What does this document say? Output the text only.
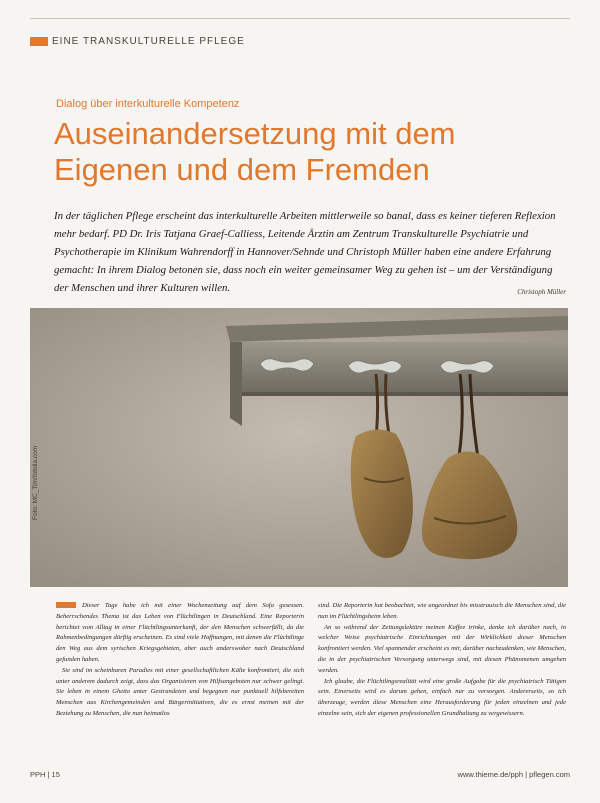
EINE TRANSKULTURELLE PFLEGE
Dialog über interkulturelle Kompetenz
Auseinandersetzung mit dem Eigenen und dem Fremden

In der täglichen Pflege erscheint das interkulturelle Arbeiten mittlerweile so banal, dass es keiner tieferen Reflexion mehr bedarf. PD Dr. Iris Tatjana Graef-Calliess, Leitende Ärztin am Zentrum Transkulturelle Psychiatrie und Psychotherapie im Klinikum Wahrendorff in Hannover/Sehnde und Christoph Müller haben eine andere Erfahrung gemacht: In ihrem Dialog betonen sie, dass noch ein weiter gemeinsamer Weg zu gehen ist – um der Verständigung der Menschen und ihrer Kulturen willen.	Christoph Müller

Foto: MC_Tim/fotolia.com

Dieser Tage habe ich mit einer Wochenzeitung auf dem Sofa gesessen. Beherrschendes Thema ist das Leben von Flüchtlingen in Deutschland. Eine Reporterin berichtet vom Alltag in einer Flüchtlingsunterkunft, der den Menschen schwerfällt, da die Rahmenbedingungen dürftig erscheinen. Es sind viele Hoffnungen, mit denen die Flüchtlinge den Weg aus dem syrischen Kriegsgebieten, aber auch anderswoher nach Deutschland gefunden haben.

Sie sind im scheinbaren Paradies mit einer gesellschaftlichen Kälte konfrontiert, die sich unter anderem dadurch zeigt, dass das Organisieren von Hilfsangeboten nur schwer gelingt. Sie leben in einem Ghetto unter Gestrandeten und begegnen nur punktuell hilfsbereiten Menschen aus Kirchengemeinden und Bürgerinitiativen, die es ernst meinen mit der Beziehung zu Menschen, die nun heimatlos

sind. Die Reporterin hat beobachtet, wie ungeordnet bis misstrauisch die Menschen sind, die nun im Flüchtlingsheim leben.

An so während der Zeitungslektüre meinen Kaffee trinke, denke ich darüber nach, in welcher Weise psychiatrische Einrichtungen mit der Wirklichkeit dieser Menschen konfrontiert werden. Viel spannender erscheint es mir, darüber nachzudenken, wie Menschen, die in der psychiatrischen Versorgung unterwegs sind, mit diesen Phänomenen umgehen werden.

Ich glaube, die Flüchtlingsrealität wird eine große Aufgabe für die psychiatrisch Tätigen sein. Einerseits wird es darum gehen, einfach nur zu versorgen. Andererseits, so ich überzeuge, werden diese Menschen eine Herausforderung für jeden einzelnen und jede einzelne sein, sich der eigenen professionellen Grundhaltung zu vergewissern.

PPH | 15	www.thieme.de/pph | pflegen.com
